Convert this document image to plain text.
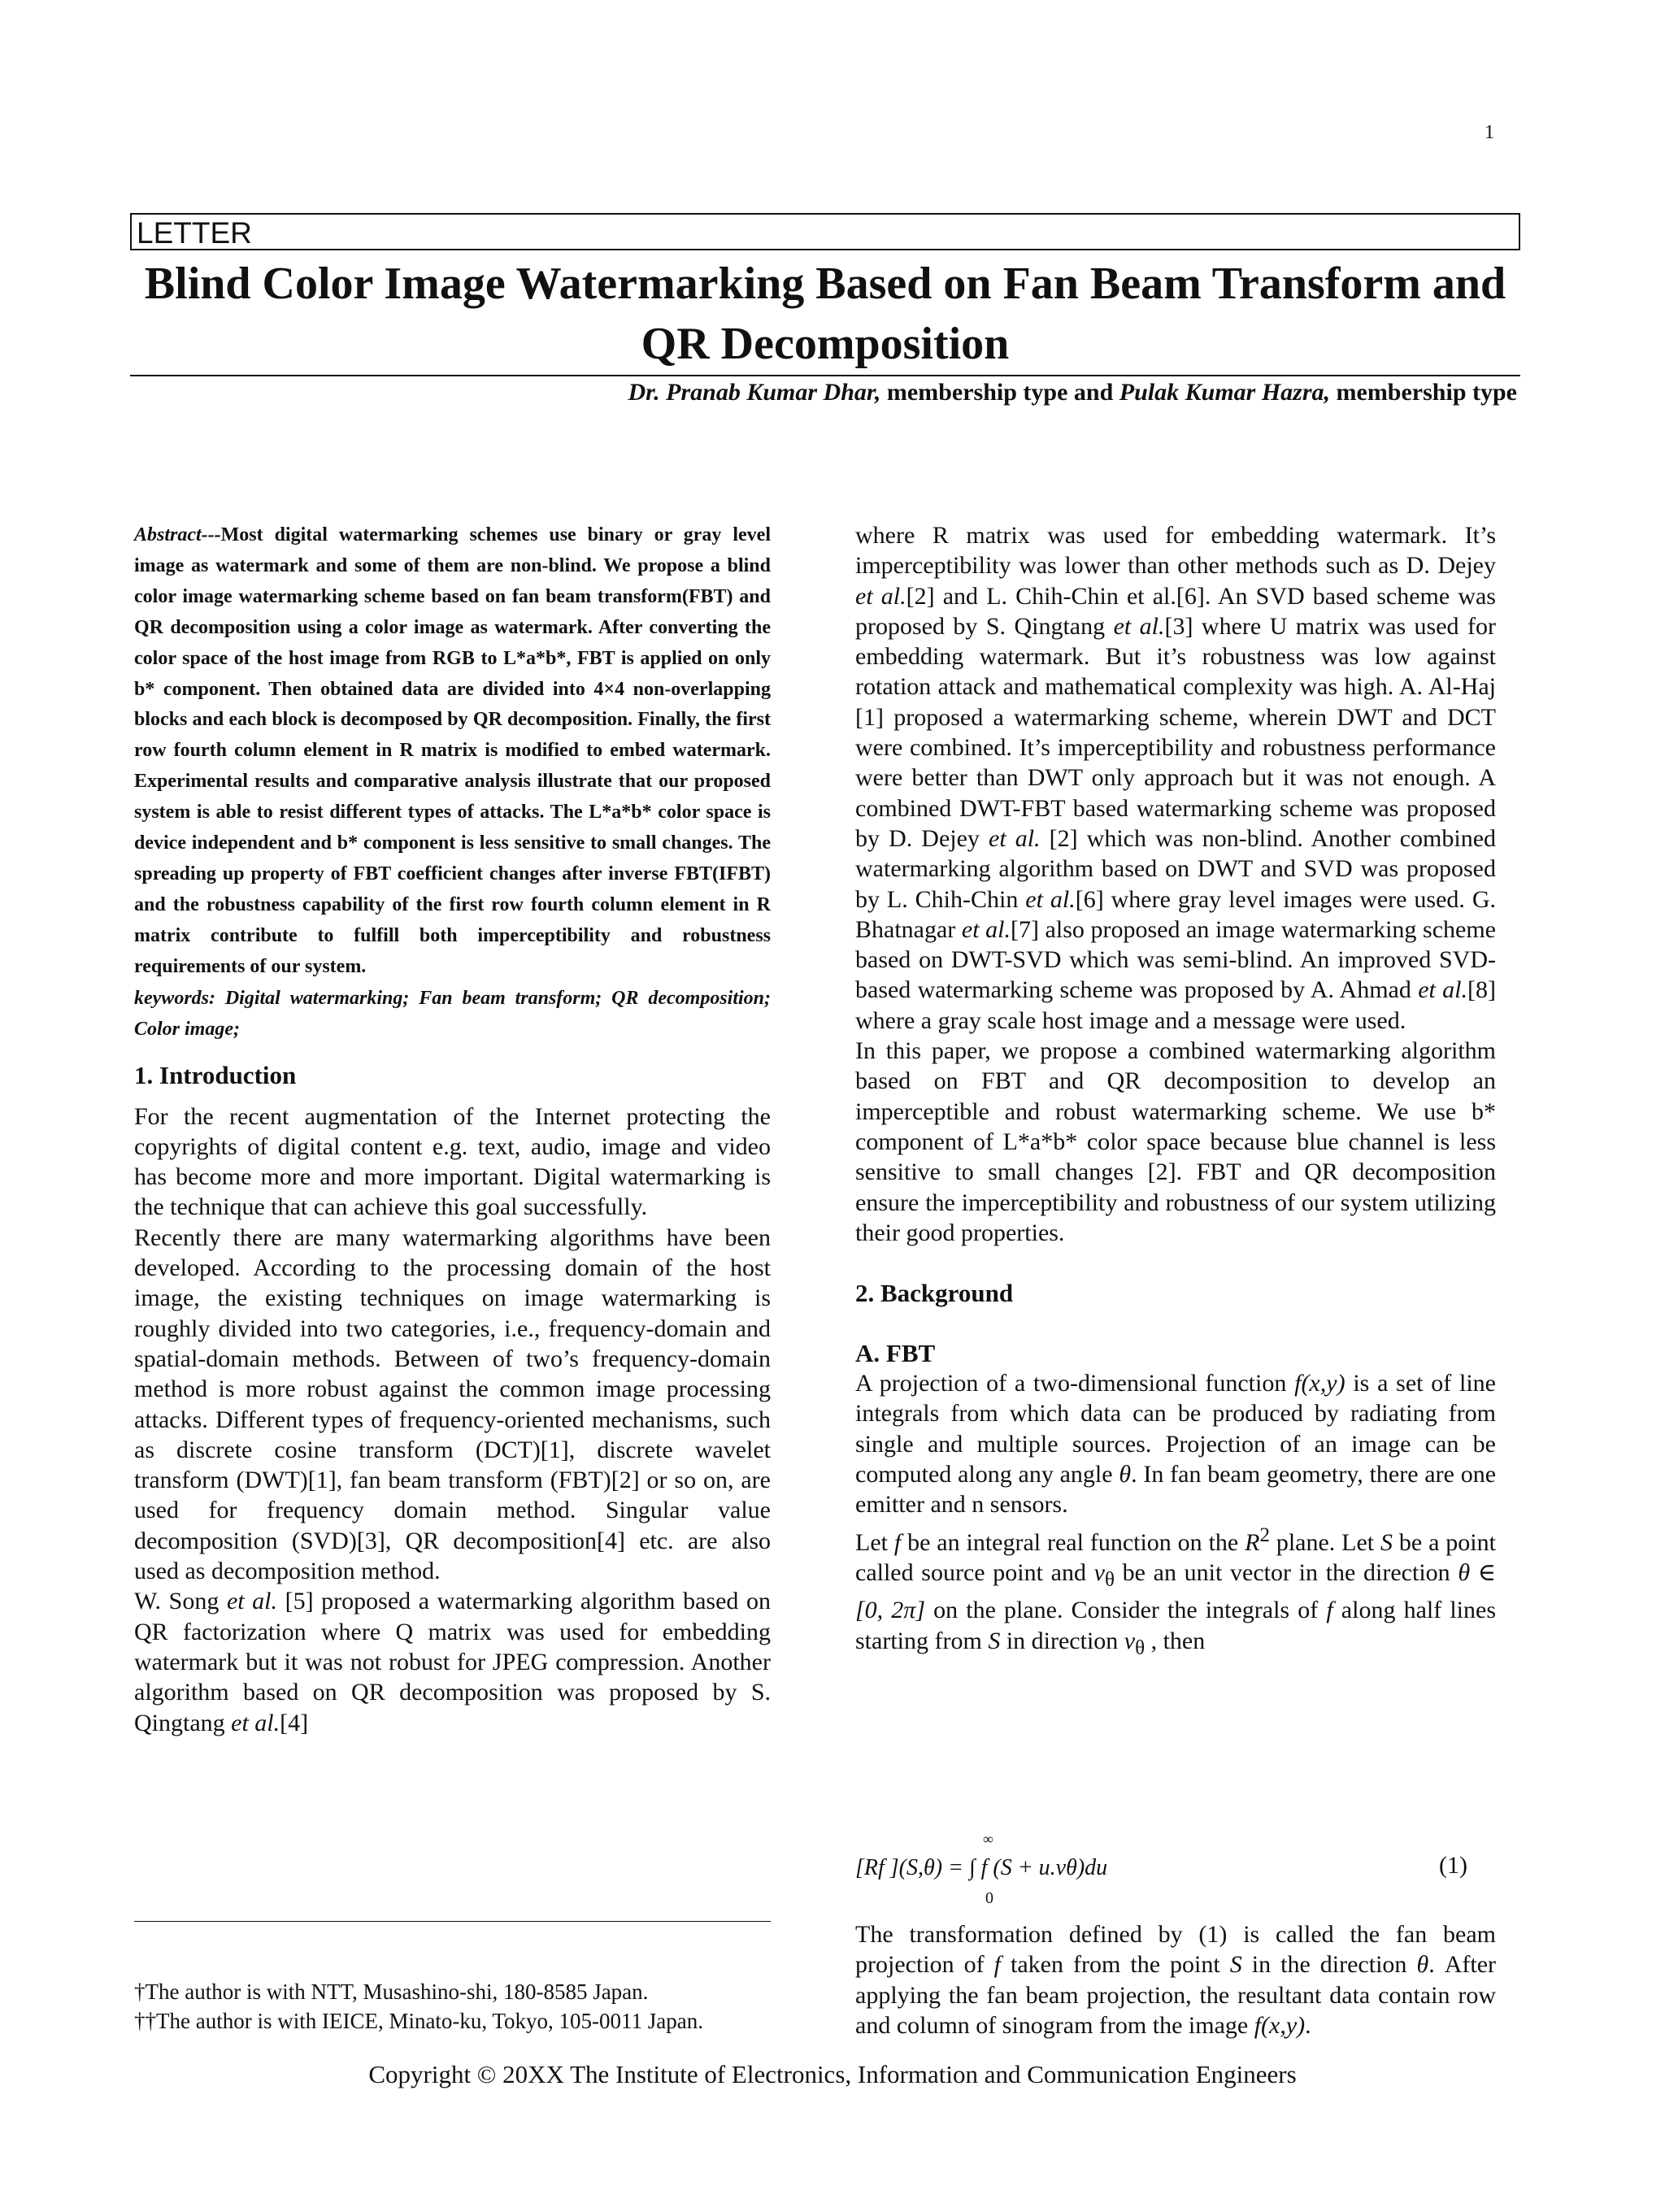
1
LETTER
Blind Color Image Watermarking Based on Fan Beam Transform and QR Decomposition
Dr. Pranab Kumar Dhar, membership type and Pulak Kumar Hazra, membership type

Abstract---Most digital watermarking schemes use binary or gray level image as watermark and some of them are non-blind. We propose a blind color image watermarking scheme based on fan beam transform(FBT) and QR decomposition using a color image as watermark. After converting the color space of the host image from RGB to L*a*b*, FBT is applied on only b* component. Then obtained data are divided into 4×4 non-overlapping blocks and each block is decomposed by QR decomposition. Finally, the first row fourth column element in R matrix is modified to embed watermark. Experimental results and comparative analysis illustrate that our proposed system is able to resist different types of attacks. The L*a*b* color space is device independent and b* component is less sensitive to small changes. The spreading up property of FBT coefficient changes after inverse FBT(IFBT) and the robustness capability of the first row fourth column element in R matrix contribute to fulfill both imperceptibility and robustness requirements of our system.

keywords: Digital watermarking; Fan beam transform; QR decomposition; Color image;

1. Introduction

For the recent augmentation of the Internet protecting the copyrights of digital content e.g. text, audio, image and video has become more and more important. Digital watermarking is the technique that can achieve this goal successfully.

Recently there are many watermarking algorithms have been developed. According to the processing domain of the host image, the existing techniques on image watermarking is roughly divided into two categories, i.e., frequency-domain and spatial-domain methods. Between of two’s frequency-domain method is more robust against the common image processing attacks. Different types of frequency-oriented mechanisms, such as discrete cosine transform (DCT)[1], discrete wavelet transform (DWT)[1], fan beam transform (FBT)[2] or so on, are used for frequency domain method. Singular value decomposition (SVD)[3], QR decomposition[4] etc. are also used as decomposition method.

W. Song et al. [5] proposed a watermarking algorithm based on QR factorization where Q matrix was used for embedding watermark but it was not robust for JPEG compression. Another algorithm based on QR decomposition was proposed by S. Qingtang et al.[4]

†The author is with NTT, Musashino-shi, 180-8585 Japan.

††The author is with IEICE, Minato-ku, Tokyo, 105-0011 Japan.

where R matrix was used for embedding watermark. It’s imperceptibility was lower than other methods such as D. Dejey et al.[2] and L. Chih-Chin et al.[6]. An SVD based scheme was proposed by S. Qingtang et al.[3] where U matrix was used for embedding watermark. But it’s robustness was low against rotation attack and mathematical complexity was high. A. Al-Haj [1] proposed a watermarking scheme, wherein DWT and DCT were combined. It’s imperceptibility and robustness performance were better than DWT only approach but it was not enough. A combined DWT-FBT based watermarking scheme was proposed by D. Dejey et al. [2] which was non-blind. Another combined watermarking algorithm based on DWT and SVD was proposed by L. Chih-Chin et al.[6] where gray level images were used. G. Bhatnagar et al.[7] also proposed an image watermarking scheme based on DWT-SVD which was semi-blind. An improved SVD-based watermarking scheme was proposed by A. Ahmad et al.[8] where a gray scale host image and a message were used.

In this paper, we propose a combined watermarking algorithm based on FBT and QR decomposition to develop an imperceptible and robust watermarking scheme. We use b* component of L*a*b* color space because blue channel is less sensitive to small changes [2]. FBT and QR decomposition ensure the imperceptibility and robustness of our system utilizing their good properties.

2. Background

A. FBT

A projection of a two-dimensional function f(x,y) is a set of line integrals from which data can be produced by radiating from single and multiple sources. Projection of an image can be computed along any angle θ. In fan beam geometry, there are one emitter and n sensors.

Let f be an integral real function on the $R^2$ plane. Let S be a point called source point and $v_\theta$ be an unit vector in the direction θ ∈ [0, 2π] on the plane. Consider the integrals of f along half lines starting from S in direction $v_\theta$ , then

∞
[Rf ](S,θ) = ∫ f (S + u.vθ)du
0
(1)

The transformation defined by (1) is called the fan beam projection of f taken from the point S in the direction θ. After applying the fan beam projection, the resultant data contain row and column of sinogram from the image f(x,y).

Copyright © 20XX The Institute of Electronics, Information and Communication Engineers
